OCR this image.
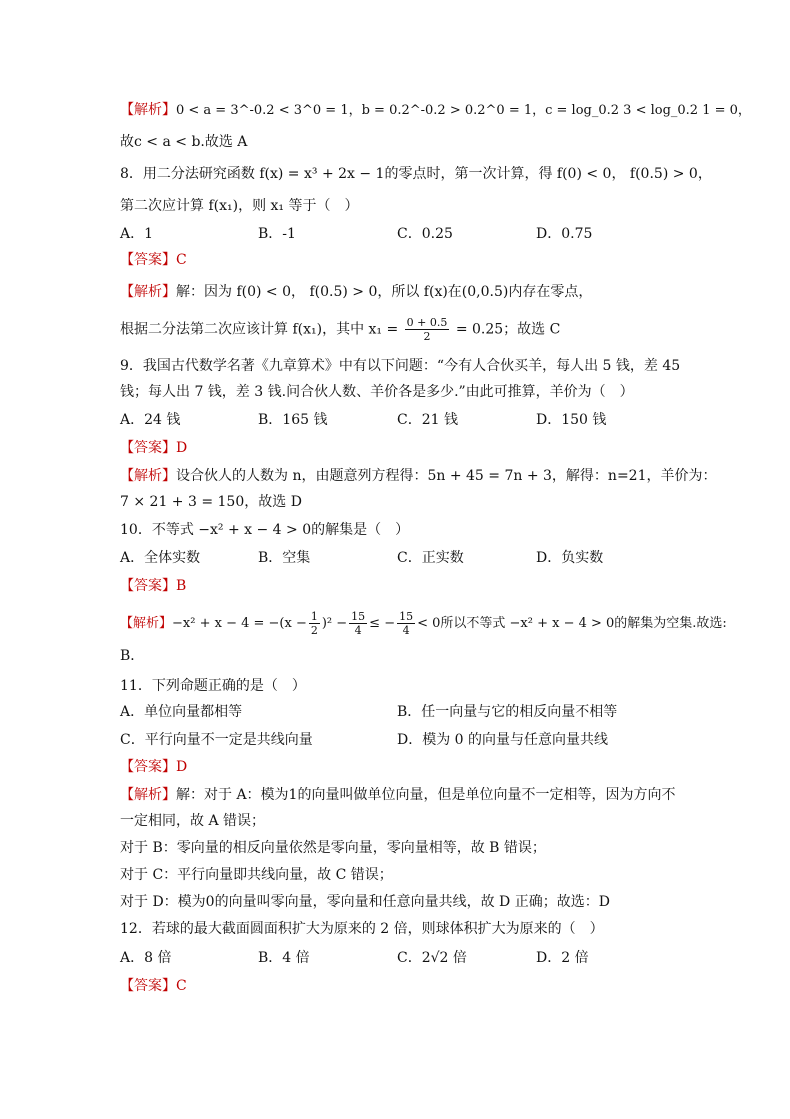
【解析】0 < a = 3^-0.2 < 3^0 = 1，b = 0.2^-0.2 > 0.2^0 = 1，c = log_0.2 3 < log_0.2 1 = 0，
故c < a < b.故选 A
8．用二分法研究函数 f(x) = x³ + 2x − 1的零点时，第一次计算，得 f(0) < 0， f(0.5) > 0，
第二次应计算 f(x₁)，则 x₁ 等于（　）
A．1	B．-1	C．0.25	D．0.75
【答案】C
【解析】解：因为 f(0) < 0， f(0.5) > 0，所以 f(x)在(0,0.5)内存在零点，
根据二分法第二次应该计算 f(x₁)，其中 $x_1 = \frac{0 + 0.5}{2} = 0.25$；故选 C
9．我国古代数学名著《九章算术》中有以下问题：“今有人合伙买羊，每人出 5 钱，差 45
钱；每人出 7 钱，差 3 钱.问合伙人数、羊价各是多少.”由此可推算，羊价为（　）
A．24 钱	B．165 钱	C．21 钱	D．150 钱
【答案】D
【解析】设合伙人的人数为 n，由题意列方程得：5n + 45 = 7n + 3，解得：n=21，羊价为：
7 × 21 + 3 = 150，故选 D
10．不等式 −x² + x − 4 > 0的解集是（　）
A．全体实数	B．空集	C．正实数	D．负实数
【答案】B
【解析】$-x^2 + x - 4 = -(x - \frac{1}{2} )^2 - \frac{15}{4}$ ≤ − $\frac{15}{4} < 0$所以不等式 −x² + x − 4 > 0的解集为空集.故选:
B．
11．下列命题正确的是（　）
A．单位向量都相等	B．任一向量与它的相反向量不相等
C．平行向量不一定是共线向量	D．模为 0 的向量与任意向量共线
【答案】D
【解析】解：对于 A：模为1的向量叫做单位向量，但是单位向量不一定相等，因为方向不
一定相同，故 A 错误；
对于 B：零向量的相反向量依然是零向量，零向量相等，故 B 错误；
对于 C：平行向量即共线向量，故 C 错误；
对于 D：模为0的向量叫零向量，零向量和任意向量共线，故 D 正确；故选：D
12．若球的最大截面圆面积扩大为原来的 2 倍，则球体积扩大为原来的（　）
A．8 倍	B．4 倍	C．2√2 倍	D．2 倍
【答案】C
